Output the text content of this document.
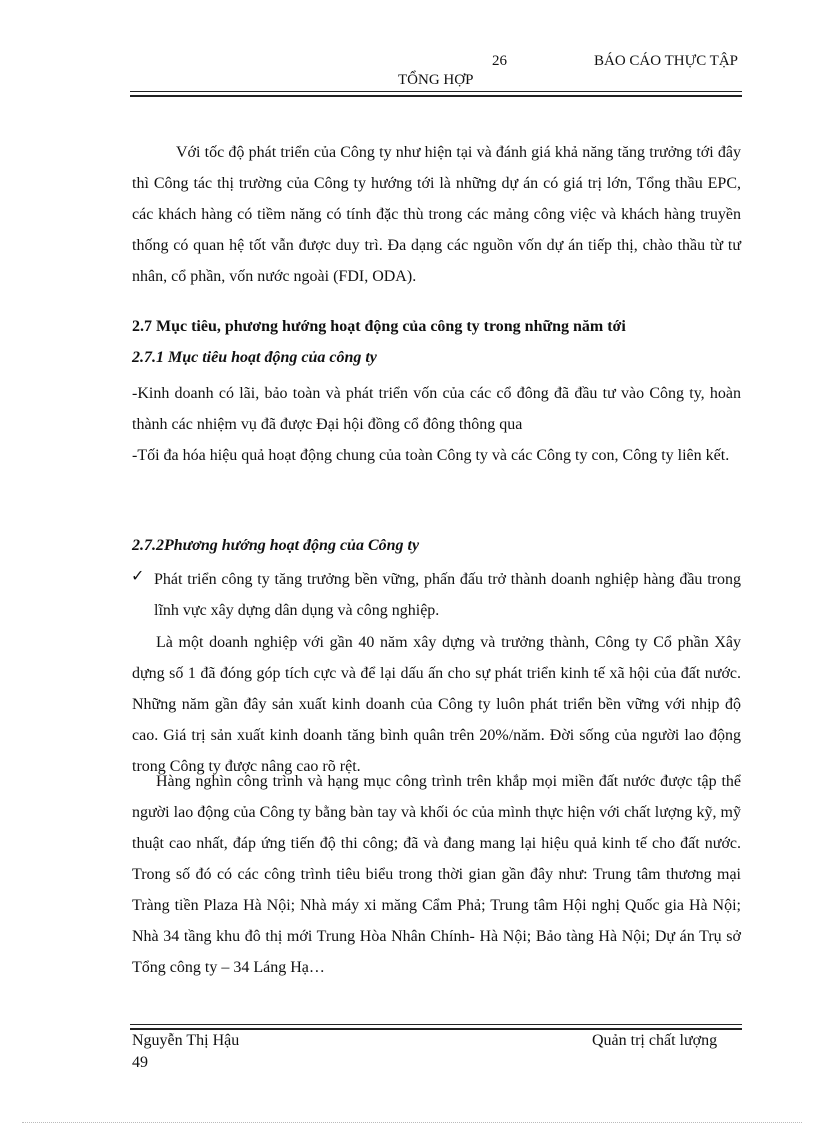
26	BÁO CÁO THỰC TẬP
TỔNG HỢP
Với tốc độ phát triển của Công ty như hiện tại và đánh giá khả năng tăng trưởng tới đây thì Công tác thị trường của Công ty hướng tới là những dự án có giá trị lớn, Tổng thầu EPC, các khách hàng có tiềm năng có tính đặc thù trong các mảng công việc và khách hàng truyền thống có quan hệ tốt vẫn được duy trì. Đa dạng các nguồn vốn dự án tiếp thị, chào thầu từ tư nhân, cổ phần, vốn nước ngoài (FDI, ODA).
2.7 Mục tiêu, phương hướng hoạt động của công ty trong những năm tới
2.7.1 Mục tiêu hoạt động của công ty
-Kinh doanh có lãi, bảo toàn và phát triển vốn của các cổ đông đã đầu tư vào Công ty, hoàn thành các nhiệm vụ đã được Đại hội đồng cổ đông thông qua
-Tối đa hóa hiệu quả hoạt động chung của toàn Công ty và các Công ty con, Công ty liên kết.
2.7.2Phương hướng hoạt động của Công ty
✓ Phát triển công ty tăng trưởng bền vững, phấn đấu trở thành doanh nghiệp hàng đầu trong lĩnh vực xây dựng dân dụng và công nghiệp.
Là một doanh nghiệp với gần 40 năm xây dựng và trưởng thành, Công ty Cổ phần Xây dựng số 1 đã đóng góp tích cực và để lại dấu ấn cho sự phát triển kinh tế xã hội của đất nước. Những năm gần đây sản xuất kinh doanh của Công ty luôn phát triển bền vững với nhịp độ cao. Giá trị sản xuất kinh doanh tăng bình quân trên 20%/năm. Đời sống của người lao động trong Công ty được nâng cao rõ rệt.
Hàng nghìn công trình và hạng mục công trình trên khắp mọi miền đất nước được tập thể người lao động của Công ty bằng bàn tay và khối óc của mình thực hiện với chất lượng kỹ, mỹ thuật cao nhất, đáp ứng tiến độ thi công; đã và đang mang lại hiệu quả kinh tế cho đất nước. Trong số đó có các công trình tiêu biểu trong thời gian gần đây như: Trung tâm thương mại Tràng tiền Plaza Hà Nội; Nhà máy xi măng Cẩm Phả; Trung tâm Hội nghị Quốc gia Hà Nội; Nhà 34 tầng khu đô thị mới Trung Hòa Nhân Chính- Hà Nội; Bảo tàng Hà Nội; Dự án Trụ sở Tổng công ty – 34 Láng Hạ…
Nguyễn Thị Hậu	Quản trị chất lượng
49
